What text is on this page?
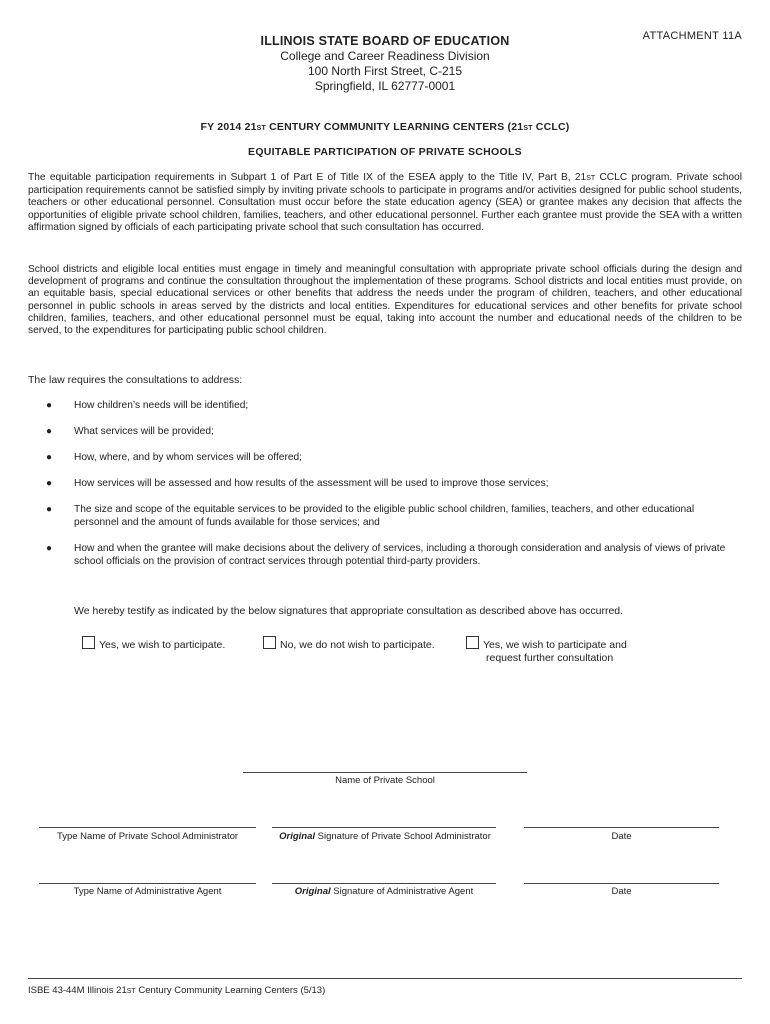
ATTACHMENT 11A
ILLINOIS STATE BOARD OF EDUCATION
College and Career Readiness Division
100 North First Street, C-215
Springfield, IL 62777-0001
FY 2014 21ST CENTURY COMMUNITY LEARNING CENTERS (21ST CCLC)
EQUITABLE PARTICIPATION OF PRIVATE SCHOOLS
The equitable participation requirements in Subpart 1 of Part E of Title IX of the ESEA apply to the Title IV, Part B, 21ST CCLC program. Private school participation requirements cannot be satisfied simply by inviting private schools to participate in programs and/or activities designed for public school students, teachers or other educational personnel. Consultation must occur before the state education agency (SEA) or grantee makes any decision that affects the opportunities of eligible private school children, families, teachers, and other educational personnel. Further each grantee must provide the SEA with a written affirmation signed by officials of each participating private school that such consultation has occurred.
School districts and eligible local entities must engage in timely and meaningful consultation with appropriate private school officials during the design and development of programs and continue the consultation throughout the implementation of these programs. School districts and local entities must provide, on an equitable basis, special educational services or other benefits that address the needs under the program of children, teachers, and other educational personnel in public schools in areas served by the districts and local entities. Expenditures for educational services and other benefits for private school children, families, teachers, and other educational personnel must be equal, taking into account the number and educational needs of the children to be served, to the expenditures for participating public school children.
The law requires the consultations to address:
● How children’s needs will be identified;
● What services will be provided;
● How, where, and by whom services will be offered;
● How services will be assessed and how results of the assessment will be used to improve those services;
● The size and scope of the equitable services to be provided to the eligible public school children, families, teachers, and other educational personnel and the amount of funds available for those services; and
● How and when the grantee will make decisions about the delivery of services, including a thorough consideration and analysis of views of private school officials on the provision of contract services through potential third-party providers.
We hereby testify as indicated by the below signatures that appropriate consultation as described above has occurred.
Yes, we wish to participate.	No, we do not wish to participate.	Yes, we wish to participate and
request further consultation
Name of Private School
Type Name of Private School Administrator	Original Signature of Private School Administrator	Date
Type Name of Administrative Agent	Original Signature of Administrative Agent	Date
ISBE 43-44M Illinois 21ST Century Community Learning Centers (5/13)
